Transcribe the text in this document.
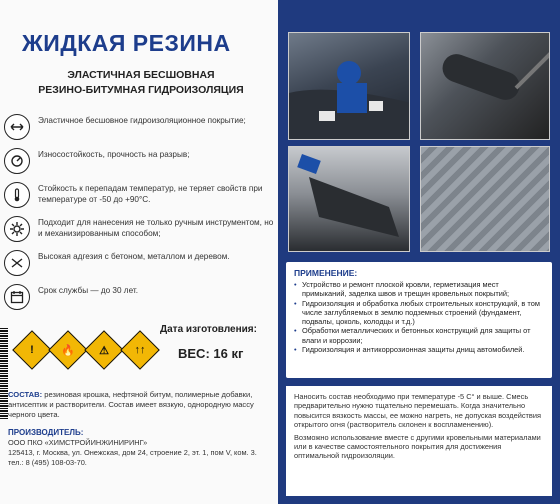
ЖИДКАЯ РЕЗИНА
ЭЛАСТИЧНАЯ БЕСШОВНАЯ
РЕЗИНО-БИТУМНАЯ ГИДРОИЗОЛЯЦИЯ
Эластичное бесшовное гидроизоляционное покрытие;
Износостойкость, прочность на разрыв;
Стойкость к перепадам температур, не теряет свойств при температуре от -50 до +90°С.
Подходит для нанесения не только ручным инструментом, но и механизированным способом;
Высокая адгезия с бетоном, металлом и деревом.
Срок службы — до 30 лет.
Дата изготовления:
!	🔥	⚠	↑↑	ВЕС: 16 кг
СОСТАВ: резиновая крошка, нефтяной битум, полимерные добавки, антисептик и растворители. Состав имеет вязкую, однородную массу черного цвета.
ПРОИЗВОДИТЕЛЬ:
ООО ПКО «ХИМСТРОЙИНЖИНИРИНГ»
125413, г. Москва, ул. Онежская, дом 24, строение 2, эт. 1, пом V, ком. 3.
тел.: 8 (495) 108-03-70.
ПРИМЕНЕНИЕ:
• Устройство и ремонт плоской кровли, герметизация мест примыканий, заделка швов и трещин кровельных покрытий;
• Гидроизоляция и обработка любых строительных конструкций, в том числе заглубляемых в землю подземных строений (фундамент, подвалы, цоколь, колодцы и т.д.)
• Обработки металлических и бетонных конструкций для защиты от влаги и коррозии;
• Гидроизоляция и антикоррозионная защиты днищ автомобилей.

Наносить состав необходимо при температуре -5 С° и выше. Смесь предварительно нужно тщательно перемешать. Когда значительно повысится вязкость массы, ее можно нагреть, не допуская воздействия открытого огня (растворитель склонен к воспламенению).

Возможно использование вместе с другими кровельными материалами или в качестве самостоятельного покрытия для достижения оптимальной гидроизоляции.
